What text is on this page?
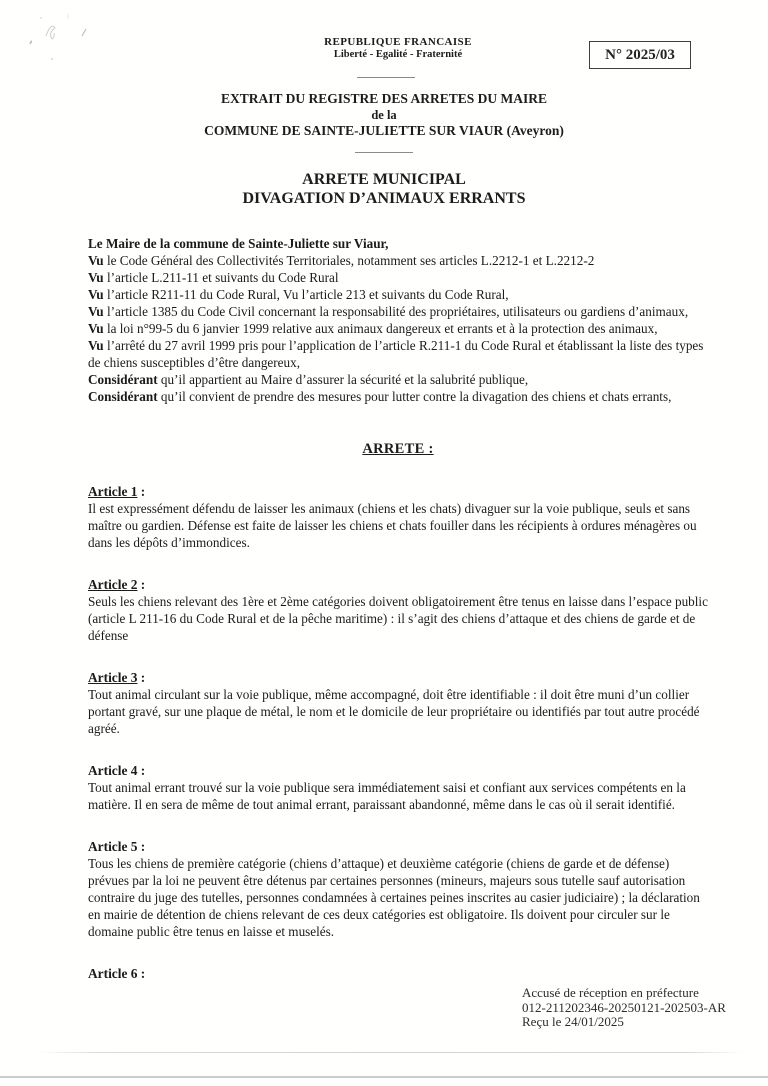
N° 2025/03
REPUBLIQUE FRANCAISE
Liberté - Egalité - Fraternité
EXTRAIT DU REGISTRE DES ARRETES DU MAIRE
de la
COMMUNE DE SAINTE-JULIETTE SUR VIAUR (Aveyron)
ARRETE MUNICIPAL
DIVAGATION D’ANIMAUX ERRANTS

Le Maire de la commune de Sainte-Juliette sur Viaur,

Vu le Code Général des Collectivités Territoriales, notamment ses articles L.2212-1 et L.2212-2

Vu l’article L.211-11 et suivants du Code Rural

Vu l’article R211-11 du Code Rural, Vu l’article 213 et suivants du Code Rural,

Vu l’article 1385 du Code Civil concernant la responsabilité des propriétaires, utilisateurs ou gardiens d’animaux,

Vu la loi n°99-5 du 6 janvier 1999 relative aux animaux dangereux et errants et à la protection des animaux,

Vu l’arrêté du 27 avril 1999 pris pour l’application de l’article R.211-1 du Code Rural et établissant la liste des types de chiens susceptibles d’être dangereux,

Considérant qu’il appartient au Maire d’assurer la sécurité et la salubrité publique,

Considérant qu’il convient de prendre des mesures pour lutter contre la divagation des chiens et chats errants,

ARRETE :

Article 1 :

Il est expressément défendu de laisser les animaux (chiens et les chats) divaguer sur la voie publique, seuls et sans maître ou gardien. Défense est faite de laisser les chiens et chats fouiller dans les récipients à ordures ménagères ou dans les dépôts d’immondices.

Article 2 :

Seuls les chiens relevant des 1ère et 2ème catégories doivent obligatoirement être tenus en laisse dans l’espace public (article L 211-16 du Code Rural et de la pêche maritime) : il s’agit des chiens d’attaque et des chiens de garde et de défense

Article 3 :

Tout animal circulant sur la voie publique, même accompagné, doit être identifiable : il doit être muni d’un collier portant gravé, sur une plaque de métal, le nom et le domicile de leur propriétaire ou identifiés par tout autre procédé agréé.

Article 4 :

Tout animal errant trouvé sur la voie publique sera immédiatement saisi et confiant aux services compétents en la matière. Il en sera de même de tout animal errant, paraissant abandonné, même dans le cas où il serait identifié.

Article 5 :

Tous les chiens de première catégorie (chiens d’attaque) et deuxième catégorie (chiens de garde et de défense) prévues par la loi ne peuvent être détenus par certaines personnes (mineurs, majeurs sous tutelle sauf autorisation contraire du juge des tutelles, personnes condamnées à certaines peines inscrites au casier judiciaire) ; la déclaration en mairie de détention de chiens relevant de ces deux catégories est obligatoire. Ils doivent pour circuler sur le domaine public être tenus en laisse et muselés.

Article 6 :

Accusé de réception en préfecture
012-211202346-20250121-202503-AR
Reçu le 24/01/2025
